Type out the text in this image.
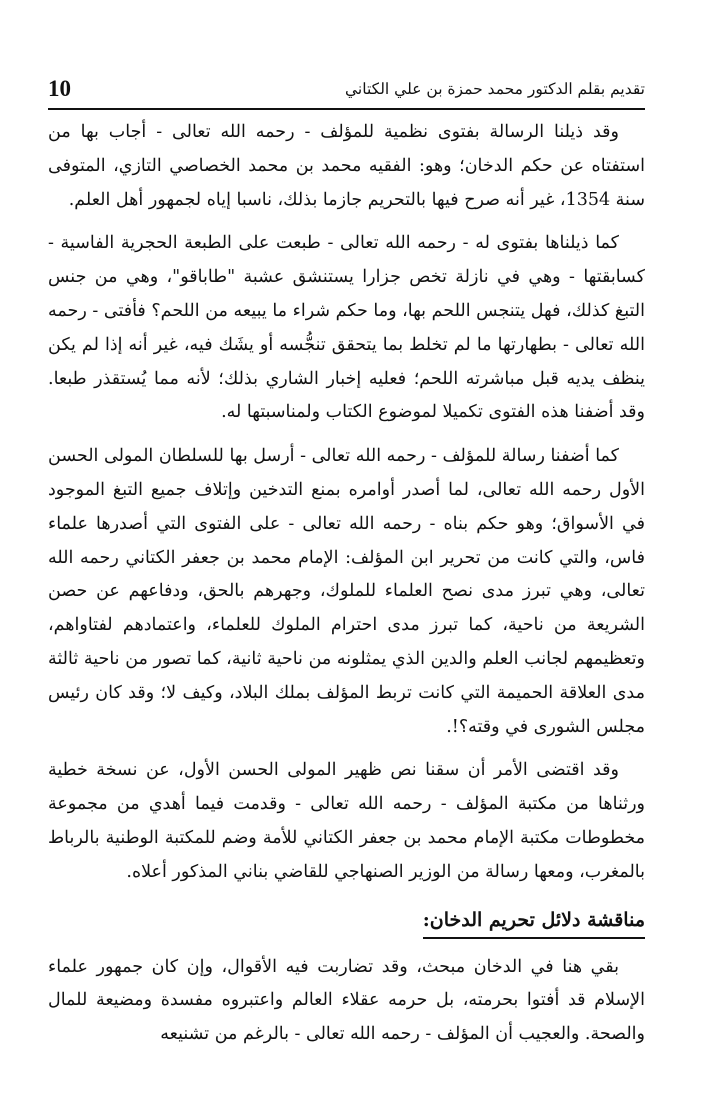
10	تقديم بقلم الدكتور محمد حمزة بن علي الكتاني

وقد ذيلنا الرسالة بفتوى نظمية للمؤلف - رحمه الله تعالى - أجاب بها من استفتاه عن حكم الدخان؛ وهو: الفقيه محمد بن محمد الخصاصي التازي، المتوفى سنة 1354، غير أنه صرح فيها بالتحريم جازما بذلك، ناسبا إياه لجمهور أهل العلم.

كما ذيلناها بفتوى له - رحمه الله تعالى - طبعت على الطبعة الحجرية الفاسية - كسابقتها - وهي في نازلة تخص جزارا يستنشق عشبة "طاباقو"، وهي من جنس التبغ كذلك، فهل يتنجس اللحم بها، وما حكم شراء ما يبيعه من اللحم؟ فأفتى - رحمه الله تعالى - بطهارتها ما لم تخلط بما يتحقق تنجُّسه أو يشَك فيه، غير أنه إذا لم يكن ينظف يديه قبل مباشرته اللحم؛ فعليه إخبار الشاري بذلك؛ لأنه مما يُستقذر طبعا. وقد أضفنا هذه الفتوى تكميلا لموضوع الكتاب ولمناسبتها له.

كما أضفنا رسالة للمؤلف - رحمه الله تعالى - أرسل بها للسلطان المولى الحسن الأول رحمه الله تعالى، لما أصدر أوامره بمنع التدخين وإتلاف جميع التبغ الموجود في الأسواق؛ وهو حكم بناه - رحمه الله تعالى - على الفتوى التي أصدرها علماء فاس، والتي كانت من تحرير ابن المؤلف: الإمام محمد بن جعفر الكتاني رحمه الله تعالى، وهي تبرز مدى نصح العلماء للملوك، وجهرهم بالحق، ودفاعهم عن حصن الشريعة من ناحية، كما تبرز مدى احترام الملوك للعلماء، واعتمادهم لفتاواهم، وتعظيمهم لجانب العلم والدين الذي يمثلونه من ناحية ثانية، كما تصور من ناحية ثالثة مدى العلاقة الحميمة التي كانت تربط المؤلف بملك البلاد، وكيف لا؛ وقد كان رئيس مجلس الشورى في وقته؟!.

وقد اقتضى الأمر أن سقنا نص ظهير المولى الحسن الأول، عن نسخة خطية ورثناها من مكتبة المؤلف - رحمه الله تعالى - وقدمت فيما أهدي من مجموعة مخطوطات مكتبة الإمام محمد بن جعفر الكتاني للأمة وضم للمكتبة الوطنية بالرباط بالمغرب، ومعها رسالة من الوزير الصنهاجي للقاضي بناني المذكور أعلاه.

مناقشة دلائل تحريم الدخان:

بقي هنا في الدخان مبحث، وقد تضاربت فيه الأقوال، وإن كان جمهور علماء الإسلام قد أفتوا بحرمته، بل حرمه عقلاء العالم واعتبروه مفسدة ومضيعة للمال والصحة. والعجيب أن المؤلف - رحمه الله تعالى - بالرغم من تشنيعه
